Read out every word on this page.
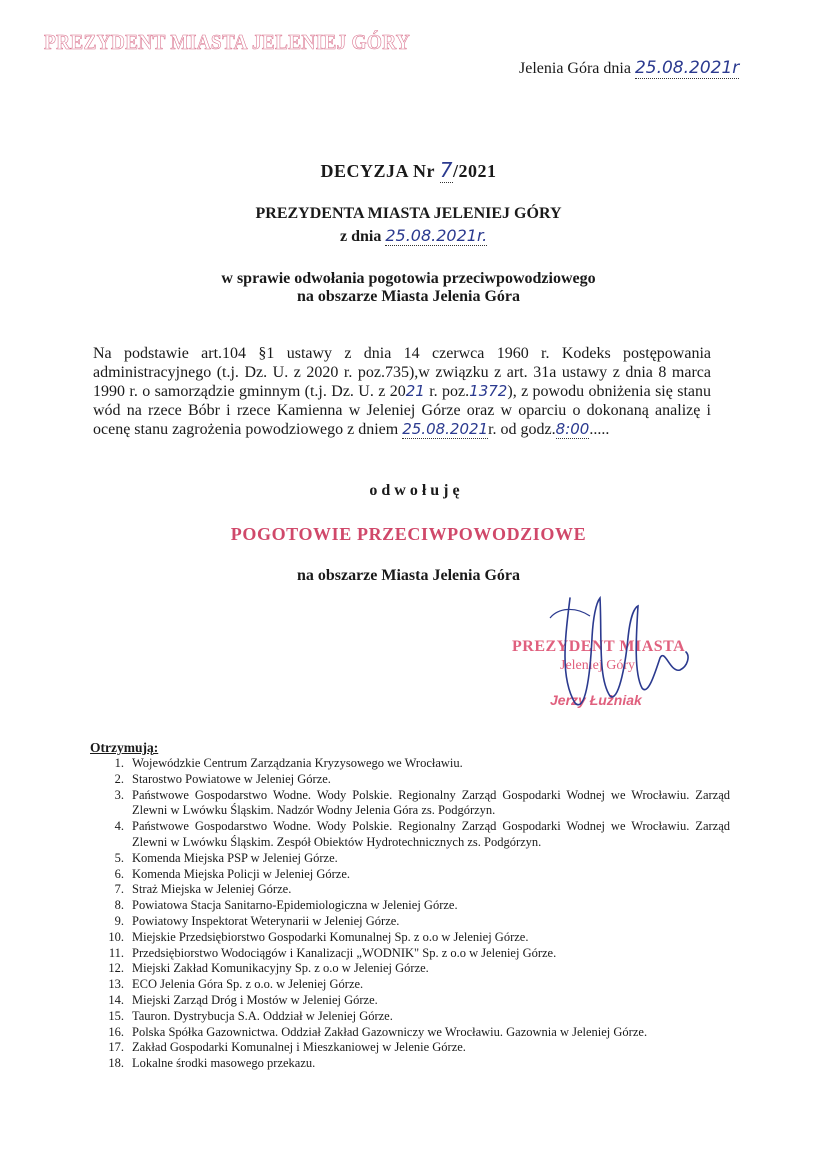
PREZYDENT MIASTA JELENIEJ GÓRY
Jelenia Góra dnia 25.08.2021r
DECYZJA Nr 7/2021
PREZYDENTA MIASTA JELENIEJ GÓRY
z dnia 25.08.2021r.
w sprawie odwołania pogotowia przeciwpowodziowego
na obszarze Miasta Jelenia Góra
Na podstawie art.104 §1 ustawy z dnia 14 czerwca 1960 r. Kodeks postępowania administracyjnego (t.j. Dz. U. z 2020 r. poz.735),w związku z art. 31a ustawy z dnia 8 marca 1990 r. o samorządzie gminnym (t.j. Dz. U. z 2021 r. poz.1372), z powodu obniżenia się stanu wód na rzece Bóbr i rzece Kamienna w Jeleniej Górze oraz w oparciu o dokonaną analizę i ocenę stanu zagrożenia powodziowego z dniem 25.08.2021r. od godz.8:00.....
odwołuję
POGOTOWIE PRZECIWPOWODZIOWE
na obszarze Miasta Jelenia Góra
PREZYDENT MIASTA
Jeleniej Góry
Jerzy Łużniak
Otrzymują:
1. Wojewódzkie Centrum Zarządzania Kryzysowego we Wrocławiu.
2. Starostwo Powiatowe w Jeleniej Górze.
3. Państwowe Gospodarstwo Wodne. Wody Polskie. Regionalny Zarząd Gospodarki Wodnej we Wrocławiu. Zarząd Zlewni w Lwówku Śląskim. Nadzór Wodny Jelenia Góra zs. Podgórzyn.
4. Państwowe Gospodarstwo Wodne. Wody Polskie. Regionalny Zarząd Gospodarki Wodnej we Wrocławiu. Zarząd Zlewni w Lwówku Śląskim. Zespół Obiektów Hydrotechnicznych zs. Podgórzyn.
5. Komenda Miejska PSP w Jeleniej Górze.
6. Komenda Miejska Policji w Jeleniej Górze.
7. Straż Miejska w Jeleniej Górze.
8. Powiatowa Stacja Sanitarno-Epidemiologiczna w Jeleniej Górze.
9. Powiatowy Inspektorat Weterynarii w Jeleniej Górze.
10. Miejskie Przedsiębiorstwo Gospodarki Komunalnej Sp. z o.o w Jeleniej Górze.
11. Przedsiębiorstwo Wodociągów i Kanalizacji „WODNIK" Sp. z o.o w Jeleniej Górze.
12. Miejski Zakład Komunikacyjny Sp. z o.o w Jeleniej Górze.
13. ECO Jelenia Góra Sp. z o.o. w Jeleniej Górze.
14. Miejski Zarząd Dróg i Mostów w Jeleniej Górze.
15. Tauron. Dystrybucja S.A. Oddział w Jeleniej Górze.
16. Polska Spółka Gazownictwa. Oddział Zakład Gazowniczy we Wrocławiu. Gazownia w Jeleniej Górze.
17. Zakład Gospodarki Komunalnej i Mieszkaniowej w Jelenie Górze.
18. Lokalne środki masowego przekazu.
